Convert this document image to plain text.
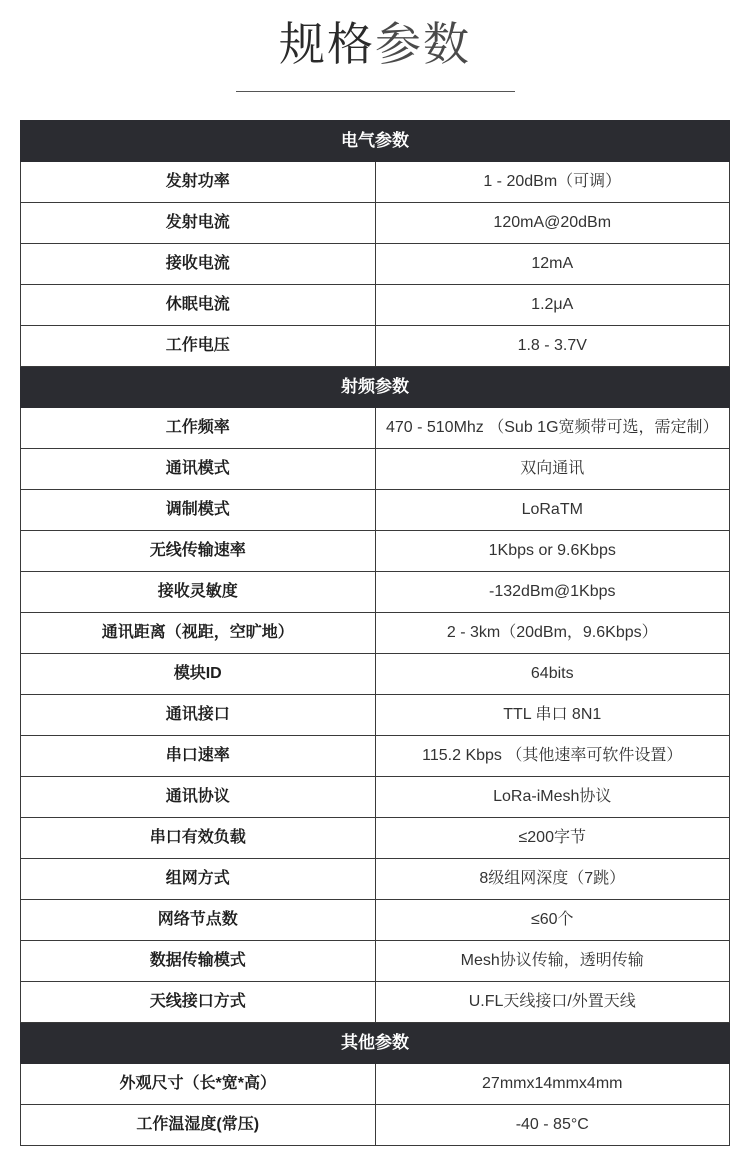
规格参数
电气参数	
发射功率	1 - 20dBm（可调）
发射电流	120mA@20dBm
接收电流	12mA
休眠电流	1.2μA
工作电压	1.8 - 3.7V
射频参数	
工作频率	470 - 510Mhz （Sub 1G宽频带可选，需定制）
通讯模式	双向通讯
调制模式	LoRaTM
无线传输速率	1Kbps or 9.6Kbps
接收灵敏度	-132dBm@1Kbps
通讯距离（视距，空旷地）	2 - 3km（20dBm，9.6Kbps）
模块ID	64bits
通讯接口	TTL 串口 8N1
串口速率	115.2 Kbps （其他速率可软件设置）
通讯协议	LoRa-iMesh协议
串口有效负载	≤200字节
组网方式	8级组网深度（7跳）
网络节点数	≤60个
数据传输模式	Mesh协议传输，透明传输
天线接口方式	U.FL天线接口/外置天线
其他参数	
外观尺寸（长*宽*高）	27mmx14mmx4mm
工作温湿度(常压)	-40 - 85°C
